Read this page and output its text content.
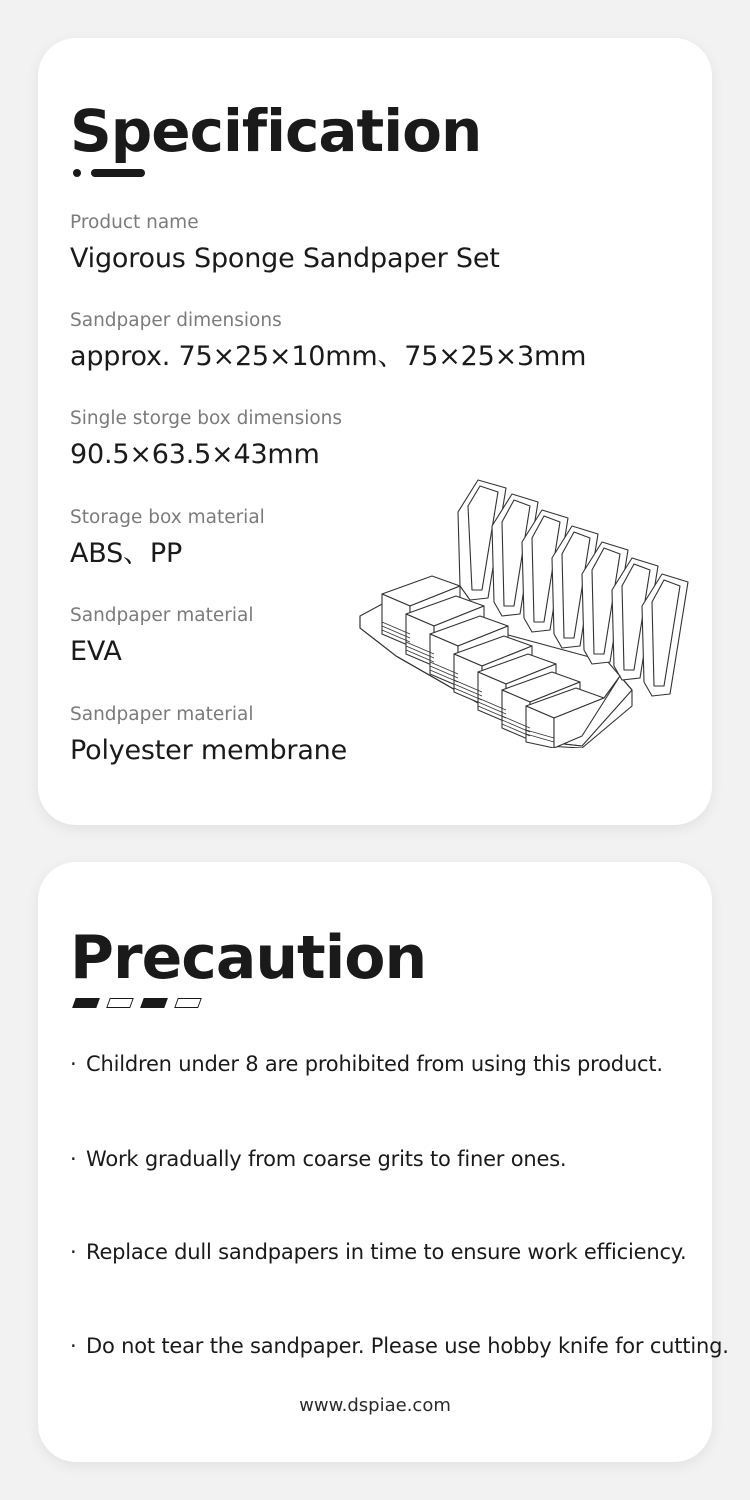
Specification
Product name
Vigorous Sponge Sandpaper Set
Sandpaper dimensions
approx. 75×25×10mm、75×25×3mm
Single storge box dimensions
90.5×63.5×43mm
Storage box material
ABS、PP
Sandpaper material
EVA
Sandpaper material
Polyester membrane
Precaution
· Children under 8 are prohibited from using this product.
· Work gradually from coarse grits to finer ones.
· Replace dull sandpapers in time to ensure work efficiency.
· Do not tear the sandpaper. Please use hobby knife for cutting.
www.dspiae.com
